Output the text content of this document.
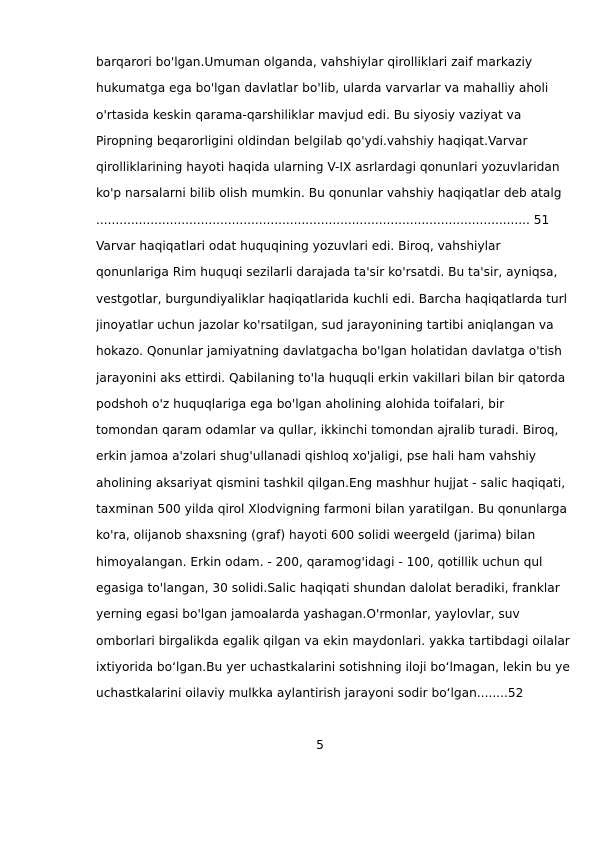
barqarori bo'lgan.Umuman olganda, vahshiylar qirolliklari zaif markaziy
hukumatga ega bo'lgan davlatlar bo'lib, ularda varvarlar va mahalliy aholi
o'rtasida keskin qarama-qarshiliklar mavjud edi. Bu siyosiy vaziyat va
Piropning beqarorligini oldindan belgilab qo'ydi.vahshiy haqiqat.Varvar
qirolliklarining hayoti haqida ularning V-IX asrlardagi qonunlari yozuvlaridan
ko'p narsalarni bilib olish mumkin. Bu qonunlar vahshiy haqiqatlar deb atalg
................................................................................................................ 51
Varvar haqiqatlari odat huquqining yozuvlari edi. Biroq, vahshiylar
qonunlariga Rim huquqi sezilarli darajada ta'sir ko'rsatdi. Bu ta'sir, ayniqsa,
vestgotlar, burgundiyaliklar haqiqatlarida kuchli edi. Barcha haqiqatlarda turl
jinoyatlar uchun jazolar ko'rsatilgan, sud jarayonining tartibi aniqlangan va
hokazo. Qonunlar jamiyatning davlatgacha bo'lgan holatidan davlatga o'tish
jarayonini aks ettirdi. Qabilaning to'la huquqli erkin vakillari bilan bir qatorda
podshoh o'z huquqlariga ega bo'lgan aholining alohida toifalari, bir
tomondan qaram odamlar va qullar, ikkinchi tomondan ajralib turadi. Biroq,
erkin jamoa a'zolari shug'ullanadi qishloq xo'jaligi, pse hali ham vahshiy
aholining aksariyat qismini tashkil qilgan.Eng mashhur hujjat - salic haqiqati,
taxminan 500 yilda qirol Xlodvigning farmoni bilan yaratilgan. Bu qonunlarga
ko'ra, olijanob shaxsning (graf) hayoti 600 solidi weergeld (jarima) bilan
himoyalangan. Erkin odam. - 200, qaramog'idagi - 100, qotillik uchun qul
egasiga to'langan, 30 solidi.Salic haqiqati shundan dalolat beradiki, franklar
yerning egasi bo'lgan jamoalarda yashagan.O'rmonlar, yaylovlar, suv
omborlari birgalikda egalik qilgan va ekin maydonlari. yakka tartibdagi oilalar
ixtiyorida bo‘lgan.Bu yer uchastkalarini sotishning iloji bo‘lmagan, lekin bu ye
uchastkalarini oilaviy mulkka aylantirish jarayoni sodir bo‘lgan........52
5
